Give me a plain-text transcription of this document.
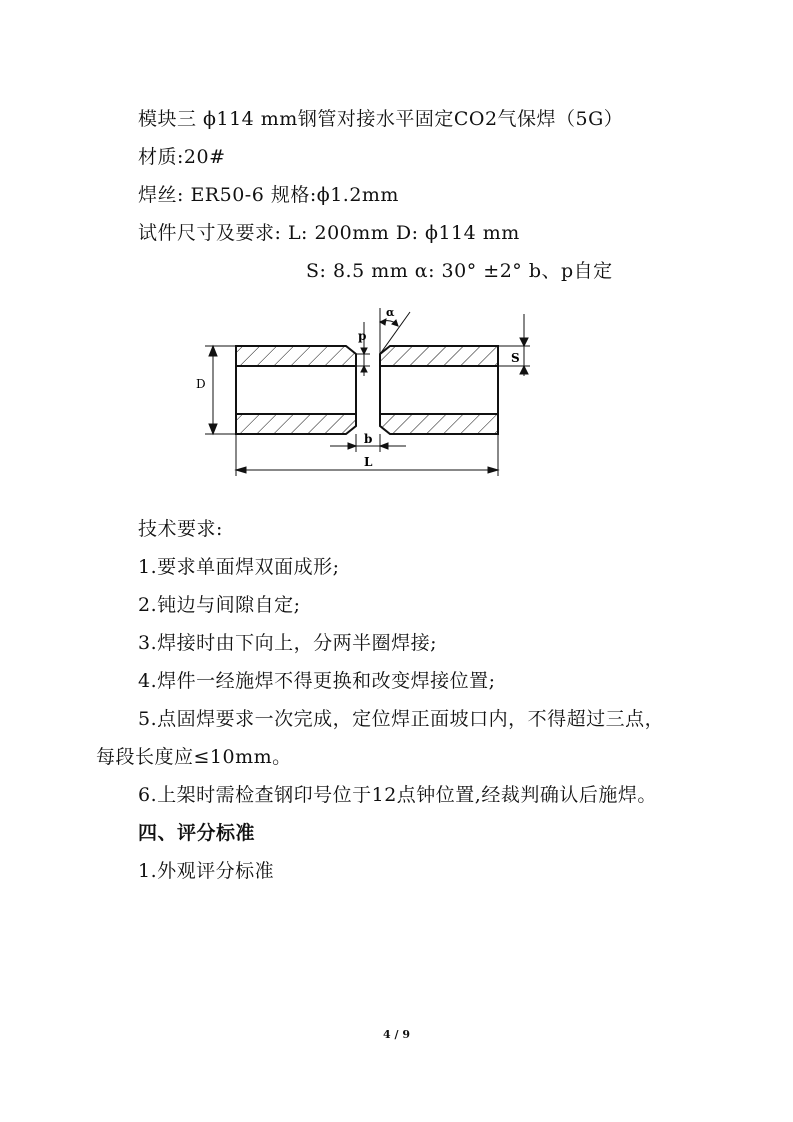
模块三 ϕ114 mm钢管对接水平固定CO2气保焊（5G）
材质:20#
焊丝: ER50-6 规格:ϕ1.2mm
试件尺寸及要求: L: 200mm D: ϕ114 mm
S: 8.5 mm α: 30° ±2° b、p自定
D
S
p
α
b
L
技术要求:
1.要求单面焊双面成形;
2.钝边与间隙自定;
3.焊接时由下向上，分两半圈焊接;
4.焊件一经施焊不得更换和改变焊接位置;
5.点固焊要求一次完成，定位焊正面坡口内，不得超过三点，
每段长度应≤10mm。
6.上架时需检查钢印号位于12点钟位置,经裁判确认后施焊。
四、评分标准
1.外观评分标准
4 / 9
